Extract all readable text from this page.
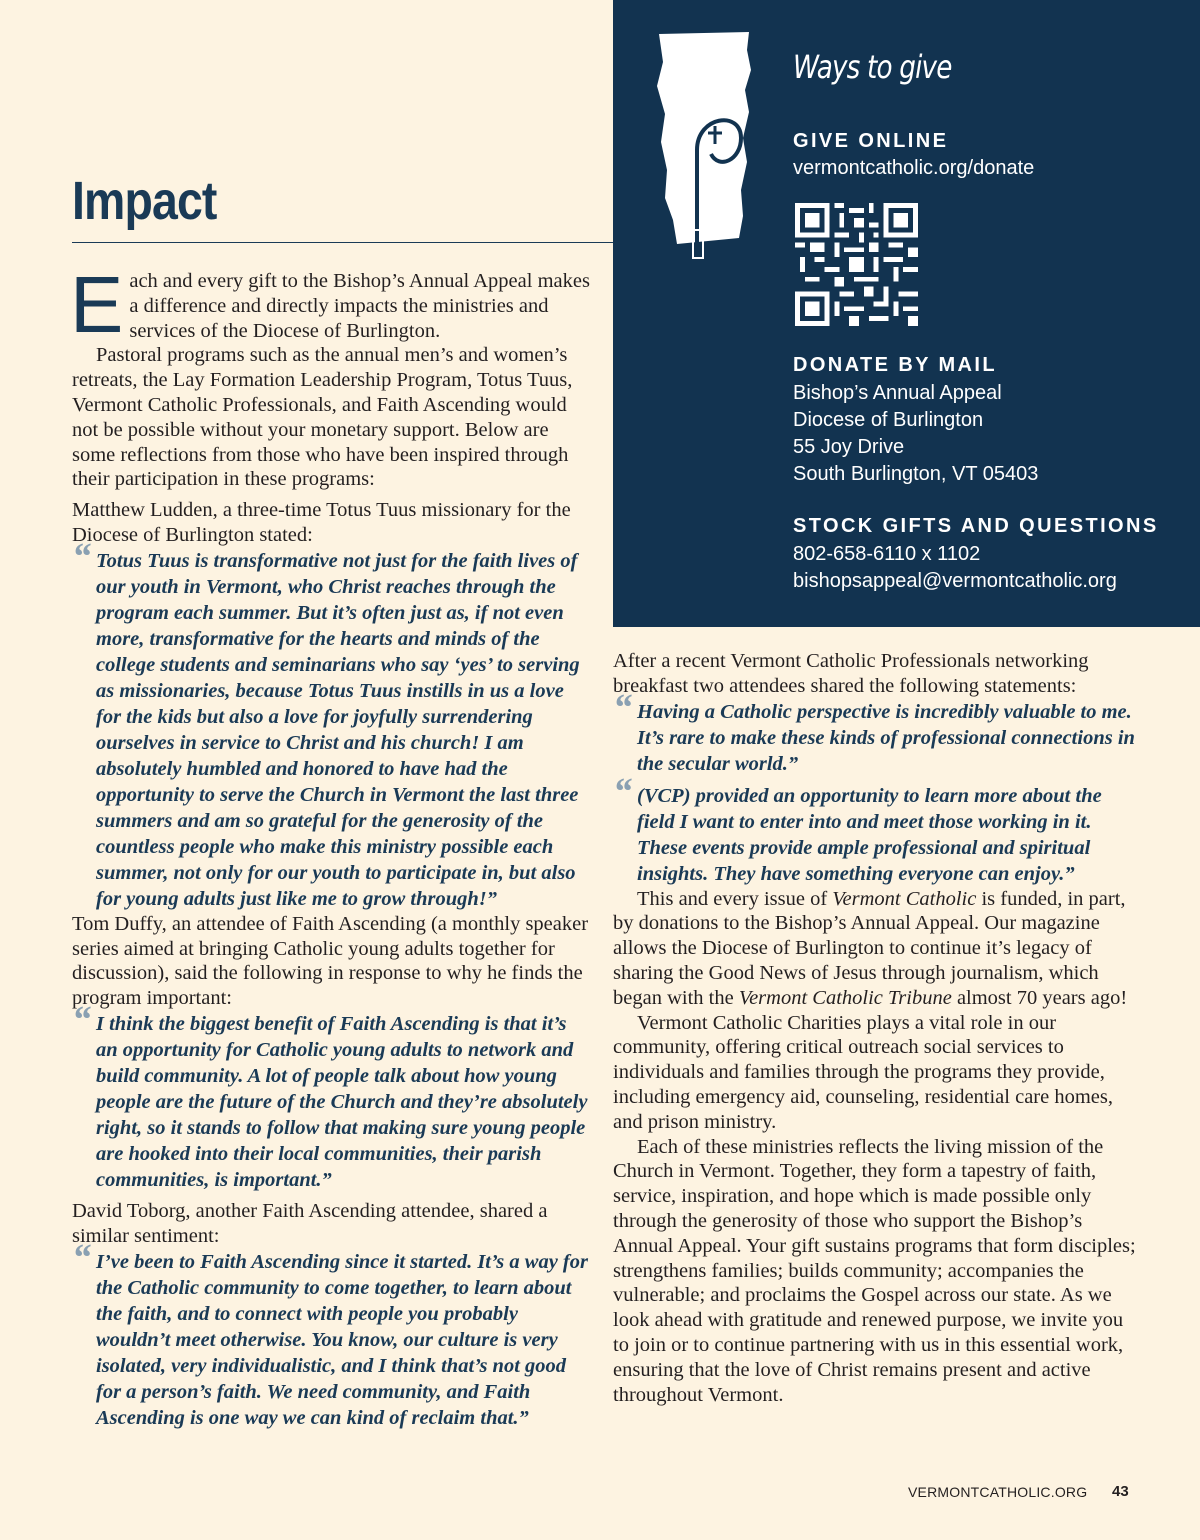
Ways to give

GIVE ONLINE

vermontcatholic.org/donate

DONATE BY MAIL

Bishop’s Annual Appeal

Diocese of Burlington

55 Joy Drive

South Burlington, VT 05403

STOCK GIFTS AND QUESTIONS

802-658-6110 x 1102

bishopsappeal@vermontcatholic.org

Impact

Each and every gift to the Bishop’s Annual Appeal makes a difference and directly impacts the ministries and services of the Diocese of Burlington.

Pastoral programs such as the annual men’s and women’s retreats, the Lay Formation Leadership Program, Totus Tuus, Vermont Catholic Professionals, and Faith Ascending would not be possible without your monetary support. Below are some reflections from those who have been inspired through their participation in these programs:

Matthew Ludden, a three-time Totus Tuus missionary for the Diocese of Burlington stated:

“ Totus Tuus is transformative not just for the faith lives of our youth in Vermont, who Christ reaches through the program each summer. But it’s often just as, if not even more, transformative for the hearts and minds of the college students and seminarians who say ‘yes’ to serving as missionaries, because Totus Tuus instills in us a love for the kids but also a love for joyfully surrendering ourselves in service to Christ and his church! I am absolutely humbled and honored to have had the opportunity to serve the Church in Vermont the last three summers and am so grateful for the generosity of the countless people who make this ministry possible each summer, not only for our youth to participate in, but also for young adults just like me to grow through!”

Tom Duffy, an attendee of Faith Ascending (a monthly speaker series aimed at bringing Catholic young adults together for discussion), said the following in response to why he finds the program important:

“ I think the biggest benefit of Faith Ascending is that it’s an opportunity for Catholic young adults to network and build community. A lot of people talk about how young people are the future of the Church and they’re absolutely right, so it stands to follow that making sure young people are hooked into their local communities, their parish communities, is important.”

David Toborg, another Faith Ascending attendee, shared a similar sentiment:

“ I’ve been to Faith Ascending since it started. It’s a way for the Catholic community to come together, to learn about the faith, and to connect with people you probably wouldn’t meet otherwise. You know, our culture is very isolated, very individualistic, and I think that’s not good for a person’s faith. We need community, and Faith Ascending is one way we can kind of reclaim that.”

After a recent Vermont Catholic Professionals networking breakfast two attendees shared the following statements:

“ Having a Catholic perspective is incredibly valuable to me. It’s rare to make these kinds of professional connections in the secular world.”

“ (VCP) provided an opportunity to learn more about the field I want to enter into and meet those working in it. These events provide ample professional and spiritual insights. They have something everyone can enjoy.”

This and every issue of Vermont Catholic is funded, in part, by donations to the Bishop’s Annual Appeal. Our magazine allows the Diocese of Burlington to continue it’s legacy of sharing the Good News of Jesus through journalism, which began with the Vermont Catholic Tribune almost 70 years ago!

Vermont Catholic Charities plays a vital role in our community, offering critical outreach social services to individuals and families through the programs they provide, including emergency aid, counseling, residential care homes, and prison ministry.

Each of these ministries reflects the living mission of the Church in Vermont. Together, they form a tapestry of faith, service, inspiration, and hope which is made possible only through the generosity of those who support the Bishop’s Annual Appeal. Your gift sustains programs that form disciples; strengthens families; builds community; accompanies the vulnerable; and proclaims the Gospel across our state. As we look ahead with gratitude and renewed purpose, we invite you to join or to continue partnering with us in this essential work, ensuring that the love of Christ remains present and active throughout Vermont.

VERMONTCATHOLIC.ORG 43
